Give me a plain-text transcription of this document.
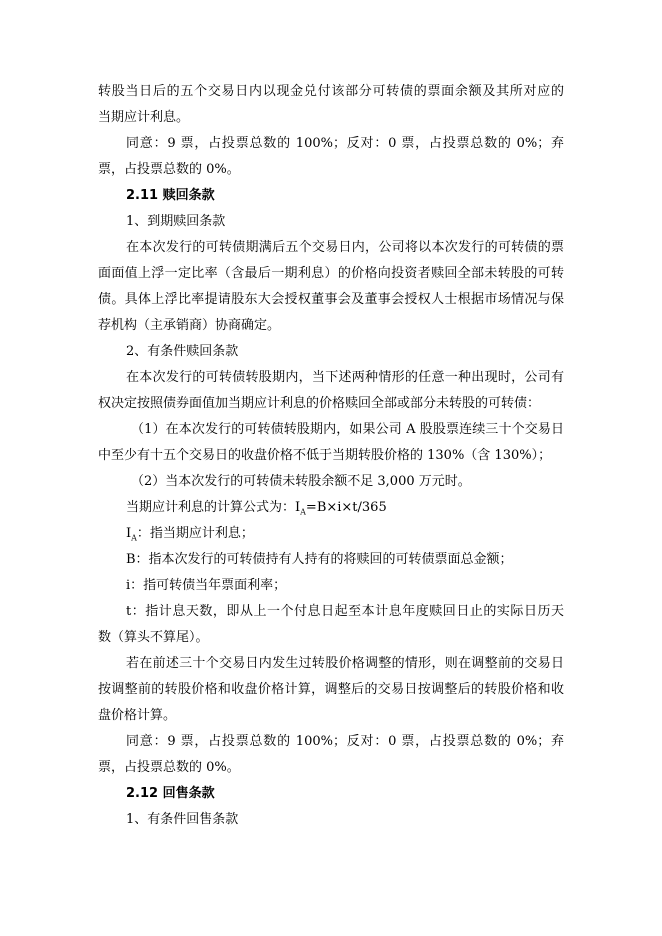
转股当日后的五个交易日内以现金兑付该部分可转债的票面余额及其所对应的

当期应计利息。

同意：9 票，占投票总数的 100%；反对：0 票，占投票总数的 0%；弃

票，占投票总数的 0%。

2.11 赎回条款

1、到期赎回条款

在本次发行的可转债期满后五个交易日内，公司将以本次发行的可转债的票

面面值上浮一定比率（含最后一期利息）的价格向投资者赎回全部未转股的可转

债。具体上浮比率提请股东大会授权董事会及董事会授权人士根据市场情况与保

荐机构（主承销商）协商确定。

2、有条件赎回条款

在本次发行的可转债转股期内，当下述两种情形的任意一种出现时，公司有

权决定按照债券面值加当期应计利息的价格赎回全部或部分未转股的可转债：

（1）在本次发行的可转债转股期内，如果公司 A 股股票连续三十个交易日

中至少有十五个交易日的收盘价格不低于当期转股价格的 130%（含 130%）；

（2）当本次发行的可转债未转股余额不足 3,000 万元时。

当期应计利息的计算公式为：$I_A=B\times i\times t/365$

$I_A$：指当期应计利息；

B：指本次发行的可转债持有人持有的将赎回的可转债票面总金额；

i：指可转债当年票面利率；

t：指计息天数，即从上一个付息日起至本计息年度赎回日止的实际日历天

数（算头不算尾）。

若在前述三十个交易日内发生过转股价格调整的情形，则在调整前的交易日

按调整前的转股价格和收盘价格计算，调整后的交易日按调整后的转股价格和收

盘价格计算。

同意：9 票，占投票总数的 100%；反对：0 票，占投票总数的 0%；弃

票，占投票总数的 0%。

2.12 回售条款

1、有条件回售条款
